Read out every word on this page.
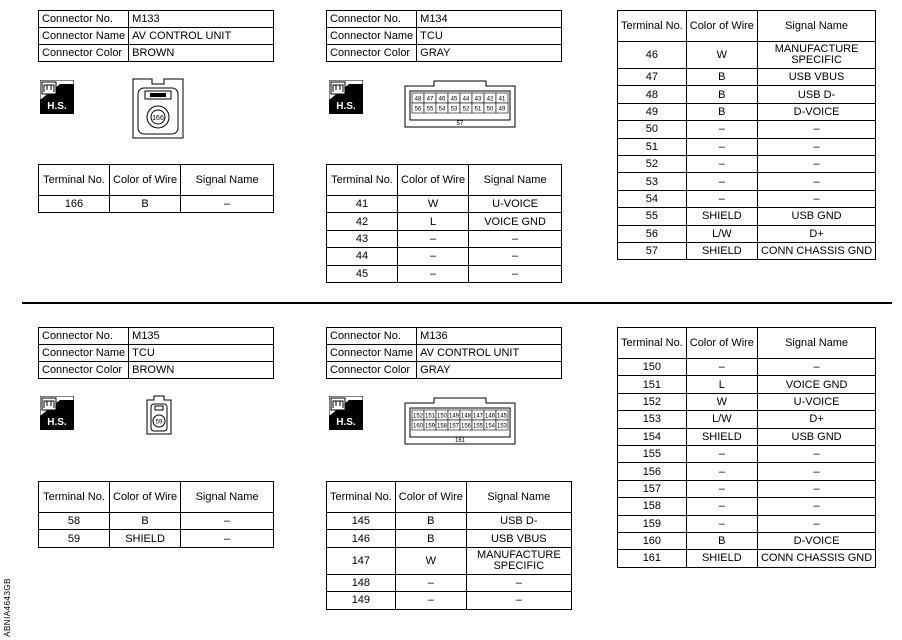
Connector No.	M133
Connector Name	AV CONTROL UNIT
Connector Color	BROWN
H.S.
166
Terminal No.	Color of Wire	Signal Name
166	B	–
Connector No.	M134
Connector Name	TCU
Connector Color	GRAY
H.S.
48 47 46 45 44 43 42 41
56 55 54 53 52 51 50 49
57
Terminal No.	Color of Wire	Signal Name
41	W	U-VOICE
42	L	VOICE GND
43	–	–
44	–	–
45	–	–
Terminal No.	Color of Wire	Signal Name
46	W	MANUFACTURE SPECIFIC
47	B	USB VBUS
48	B	USB D-
49	B	D-VOICE
50	–	–
51	–	–
52	–	–
53	–	–
54	–	–
55	SHIELD	USB GND
56	L/W	D+
57	SHIELD	CONN CHASSIS GND
Connector No.	M135
Connector Name	TCU
Connector Color	BROWN
H.S.	59
Terminal No.	Color of Wire	Signal Name
58	B	–
59	SHIELD	–
Connector No.	M136
Connector Name	AV CONTROL UNIT
Connector Color	GRAY
H.S.
152 151 150 149 148 147 146 145
160 159 158 157 156 155 154 153
161
Terminal No.	Color of Wire	Signal Name
145	B	USB D-
146	B	USB VBUS
147	W	MANUFACTURE SPECIFIC
148	–	–
149	–	–
Terminal No.	Color of Wire	Signal Name
150	–	–
151	L	VOICE GND
152	W	U-VOICE
153	L/W	D+
154	SHIELD	USB GND
155	–	–
156	–	–
157	–	–
158	–	–
159	–	–
160	B	D-VOICE
161	SHIELD	CONN CHASSIS GND
ABNIA4643GB
